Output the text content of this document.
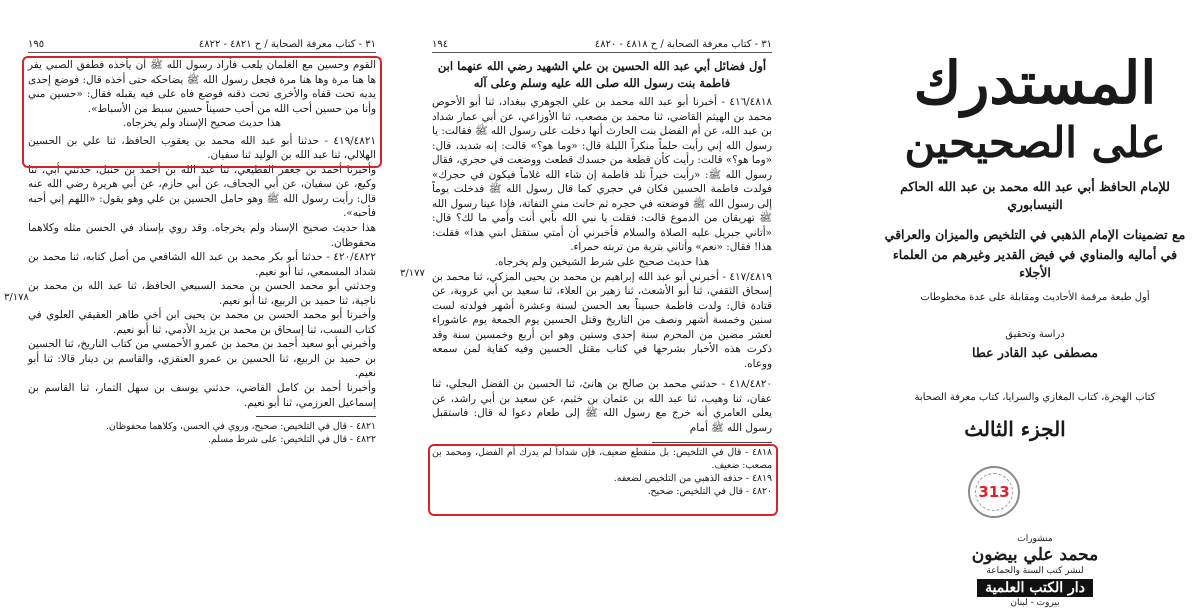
٣١ - كتاب معرفة الصحابة / ح ٤٨٢١ - ٤٨٢٢
١٩٥

القوم وحسين مع الغلمان يلعب فأراد رسول الله ﷺ أن يأخذه فطفق الصبي يفر ها هنا مرة وها هنا مرة فجعل رسول الله ﷺ يضاحكه حتى أخذه قال: فوضع إحدى يديه تحت قفاه والأخرى تحت ذقنه فوضع فاه على فيه يقبله فقال: «حسين مني وأنا من حسين أحب الله من أحب حسيناً حسين سبط من الأسباط».

هذا حديث صحيح الإسناد ولم يخرجاه.

٤١٩/٤٨٢١ - حدثنا أبو عبد الله محمد بن يعقوب الحافظ، ثنا علي بن الحسين الهلالي، ثنا عبد الله بن الوليد ثنا سفيان.

وأخبرنا أحمد بن جعفر القطيعي، ثنا عبد الله بن أحمد بن حنبل، حدثني أبي، ثنا وكيع، عن سفيان، عن أبي الجحاف، عن أبي حازم، عن أبي هريرة رضي الله عنه قال: رأيت رسول الله ﷺ وهو حامل الحسين بن علي وهو يقول: «اللهم إني أحبه فأحبه».

هذا حديث صحيح الإسناد ولم يخرجاه. وقد روي بإسناد في الحسن مثله وكلاهما محفوظان.

٤٢٠/٤٨٢٢ - حدثنا أبو بكر محمد بن عبد الله الشافعي من أصل كتابه، ثنا محمد بن شداد المسمعي، ثنا أبو نعيم.

وحدثني أبو محمد الحسن بن محمد السبيعي الحافظ، ثنا عبد الله بن محمد بن ناجية، ثنا حميد بن الربيع، ثنا أبو نعيم.

وأخبرنا أبو محمد الحسن بن محمد بن يحيى ابن أخي طاهر العقيقي العلوي في كتاب النسب، ثنا إسحاق بن محمد بن يزيد الأدمي، ثنا أبو نعيم.

وأخبرني أبو سعيد أحمد بن محمد بن عمرو الأحمسي من كتاب التاريخ، ثنا الحسين بن حميد بن الربيع، ثنا الحسين بن عمرو العنقزي، والقاسم بن دينار قالا: ثنا أبو نعيم.

وأخبرنا أحمد بن كامل القاضي، حدثني يوسف بن سهل التمار، ثنا القاسم بن إسماعيل العرزمي، ثنا أبو نعيم.

٤٨٢١ - قال في التلخيص: صحيح، وروي في الحسن، وكلاهما محفوظان.

٤٨٢٢ - قال في التلخيص: على شرط مسلم.

٣/١٧٨
٣١ - كتاب معرفة الصحابة / ح ٤٨١٨ - ٤٨٢٠
١٩٤

أول فضائل أبي عبد الله الحسين بن علي الشهيد رضي الله عنهما ابن فاطمة بنت رسول الله صلى الله عليه وسلم وعلى آله

٤١٦/٤٨١٨ - أخبرنا أبو عبد الله محمد بن علي الجوهري ببغداد، ثنا أبو الأحوص محمد بن الهيثم القاضي، ثنا محمد بن مصعب، ثنا الأوزاعي، عن أبي عمار شداد بن عبد الله، عن أم الفضل بنت الحارث أنها دخلت على رسول الله ﷺ فقالت: يا رسول الله إني رأيت حلماً منكراً الليلة قال: «وما هو؟» قالت: إنه شديد، قال: «وما هو؟» قالت: رأيت كأن قطعة من جسدك قطعت ووضعت في حجري، فقال رسول الله ﷺ: «رأيت خيراً تلد فاطمة إن شاء الله غلاماً فيكون في حجرك» فولدت فاطمة الحسين فكان في حجري كما قال رسول الله ﷺ فدخلت يوماً إلى رسول الله ﷺ فوضعته في حجره ثم حانت مني التفاتة، فإذا عينا رسول الله ﷺ تهريقان من الدموع قالت: فقلت يا نبي الله بأبي أنت وأمي ما لك؟ قال: «أتاني جبريل عليه الصلاة والسلام فأخبرني أن أمتي ستقتل ابني هذا» فقلت: هذا! فقال: «نعم» وأتاني بتربة من تربته حمراء.

هذا حديث صحيح على شرط الشيخين ولم يخرجاه.

٤١٧/٤٨١٩ - أخبرني أبو عبد الله إبراهيم بن محمد بن يحيى المزكي، ثنا محمد بن إسحاق الثقفي، ثنا أبو الأشعث، ثنا زهير بن العلاء، ثنا سعيد بن أبي عروبة، عن قتادة قال: ولدت فاطمة حسيناً بعد الحسن لسنة وعشرة أشهر فولدته لست سنين وخمسة أشهر ونصف من التاريخ وقتل الحسين يوم الجمعة يوم عاشوراء لعشر مضين من المحرم سنة إحدى وستين وهو ابن أربع وخمسين سنة وقد ذكرت هذه الأخبار بشرحها في كتاب مقتل الحسين وفيه كفاية لمن سمعه ووعاه.

٤١٨/٤٨٢٠ - حدثني محمد بن صالح بن هانئ، ثنا الحسين بن الفضل البجلي، ثنا عفان، ثنا وهيب، ثنا عبد الله بن عثمان بن خثيم، عن سعيد بن أبي راشد، عن يعلى العامري أنه خرج مع رسول الله ﷺ إلى طعام دعوا له قال: فاستقبل رسول الله ﷺ أمام

٤٨١٨ - قال في التلخيص: بل منقطع ضعيف، فإن شداداً لم يدرك أم الفضل، ومحمد بن مصعب: ضعيف.

٤٨١٩ - حذفه الذهبي من التلخيص لضعفه.

٤٨٢٠ - قال في التلخيص: صحيح.

٣/١٧٧
المستدرك
على الصحيحين
للإمام الحافظ أبي عبد الله محمد بن عبد الله الحاكم النيسابوري
مع تضمينات الإمام الذهبي في التلخيص والميزان والعراقي
في أماليه والمناوي في فيض القدير وغيرهم من العلماء الأجلاء
أول طبعة مرقمة الأحاديث ومقابلة على عدة مخطوطات
دراسة وتحقيق
مصطفى عبد القادر عطا
كتاب الهجرة، كتاب المغازي والسرايا، كتاب معرفة الصحابة
الجزء الثالث
منشورات
محمد علي بيضون
لنشر كتب السنة والجماعة
دار الكتب العلمية
بيروت - لبنان
313
